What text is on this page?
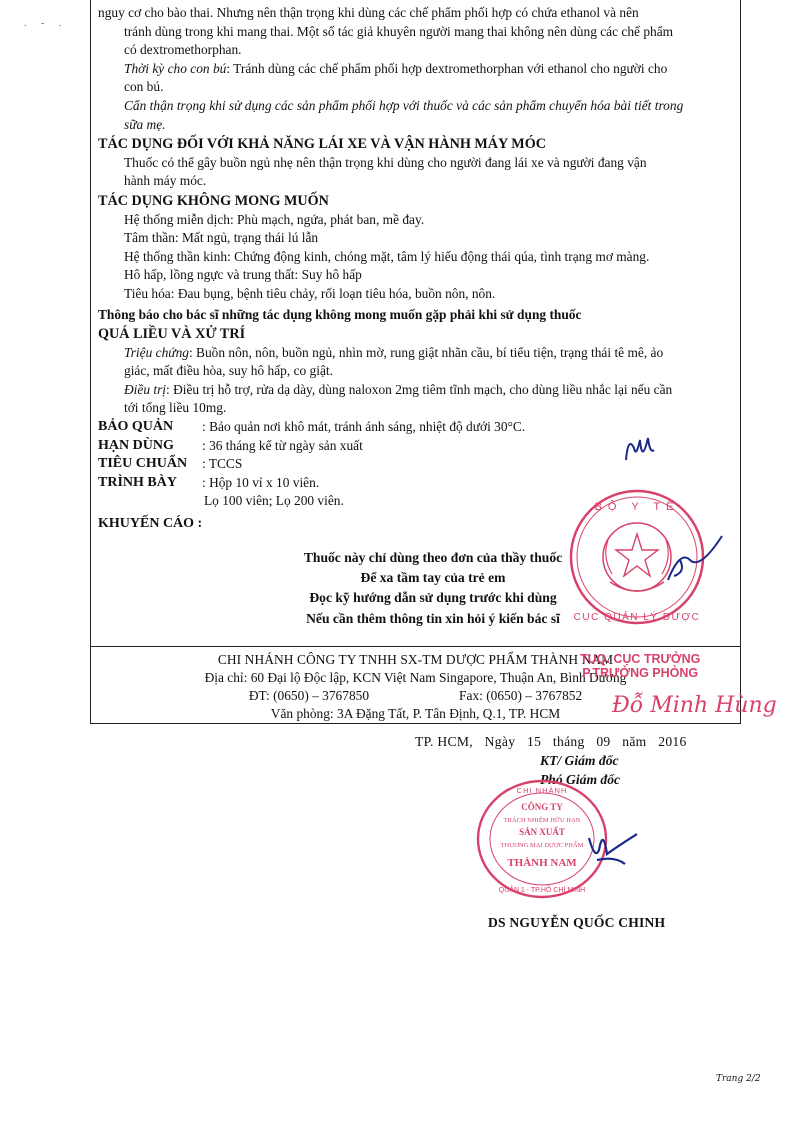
. - .

nguy cơ cho bào thai. Nhưng nên thận trọng khi dùng các chế phẩm phối hợp có chứa ethanol và nên

tránh dùng trong khi mang thai. Một số tác giả khuyên người mang thai không nên dùng các chế phẩm

có dextromethorphan.

Thời kỳ cho con bú: Tránh dùng các chế phẩm phối hợp dextromethorphan với ethanol cho người cho

con bú.

Cẩn thận trọng khi sử dụng các sản phẩm phối hợp với thuốc và các sản phẩm chuyển hóa bài tiết trong

sữa mẹ.

TÁC DỤNG ĐỐI VỚI KHẢ NĂNG LÁI XE VÀ VẬN HÀNH MÁY MÓC

Thuốc có thể gây buồn ngủ nhẹ nên thận trọng khi dùng cho người đang lái xe và người đang vận

hành máy móc.

TÁC DỤNG KHÔNG MONG MUỐN

Hệ thống miễn dịch: Phù mạch, ngứa, phát ban, mề đay.

Tâm thần: Mất ngủ, trạng thái lú lẫn

Hệ thống thần kinh: Chứng động kinh, chóng mặt, tâm lý hiếu động thái qúa, tình trạng mơ màng.

Hô hấp, lồng ngực và trung thất: Suy hô hấp

Tiêu hóa: Đau bụng, bệnh tiêu chảy, rối loạn tiêu hóa, buồn nôn, nôn.

Thông báo cho bác sĩ những tác dụng không mong muốn gặp phải khi sử dụng thuốc

QUÁ LIỀU VÀ XỬ TRÍ

Triệu chứng: Buồn nôn, nôn, buồn ngủ, nhìn mờ, rung giật nhãn cầu, bí tiểu tiện, trạng thái tê mê, ảo

giác, mất điều hòa, suy hô hấp, co giật.

Điều trị: Điều trị hỗ trợ, rửa dạ dày, dùng naloxon 2mg tiêm tĩnh mạch, cho dùng liều nhắc lại nếu cần

tới tổng liều 10mg.

BẢO QUẢN	: Bảo quản nơi khô mát, tránh ánh sáng, nhiệt độ dưới 30°C.
HẠN DÙNG	: 36 tháng kể từ ngày sản xuất
TIÊU CHUẨN	: TCCS
TRÌNH BÀY	: Hộp 10 vỉ x 10 viên.

Lọ 100 viên; Lọ 200 viên.

KHUYẾN CÁO :

Thuốc này chỉ dùng theo đơn của thầy thuốc
Để xa tầm tay của trẻ em
Đọc kỹ hướng dẫn sử dụng trước khi dùng
Nếu cần thêm thông tin xin hỏi ý kiến bác sĩ
CHI NHÁNH CÔNG TY TNHH SX-TM DƯỢC PHẨM THÀNH NAM
Địa chỉ: 60 Đại lộ Độc lập, KCN Việt Nam Singapore, Thuận An, Bình Dương
ĐT: (0650) – 3767850	Fax: (0650) – 3767852
Văn phòng: 3A Đặng Tất, P. Tân Định, Q.1, TP. HCM
BỘ Y TẾ
CỤC QUẢN LÝ DƯỢC
TUQ. CỤC TRƯỞNG
P.TRƯỞNG PHÒNG
Đỗ Minh Hùng
TP. HCM, Ngày 15 tháng 09 năm 2016
KT/ Giám đốc
Phó Giám đốc
CHI NHÁNH
QUẬN 1 - TP.HỒ CHÍ MINH
CÔNG TY
TRÁCH NHIỆM HỮU HẠN
SẢN XUẤT
THƯƠNG MẠI DƯỢC PHẨM
THÀNH NAM
DS NGUYỄN QUỐC CHINH
Trang 2/2
